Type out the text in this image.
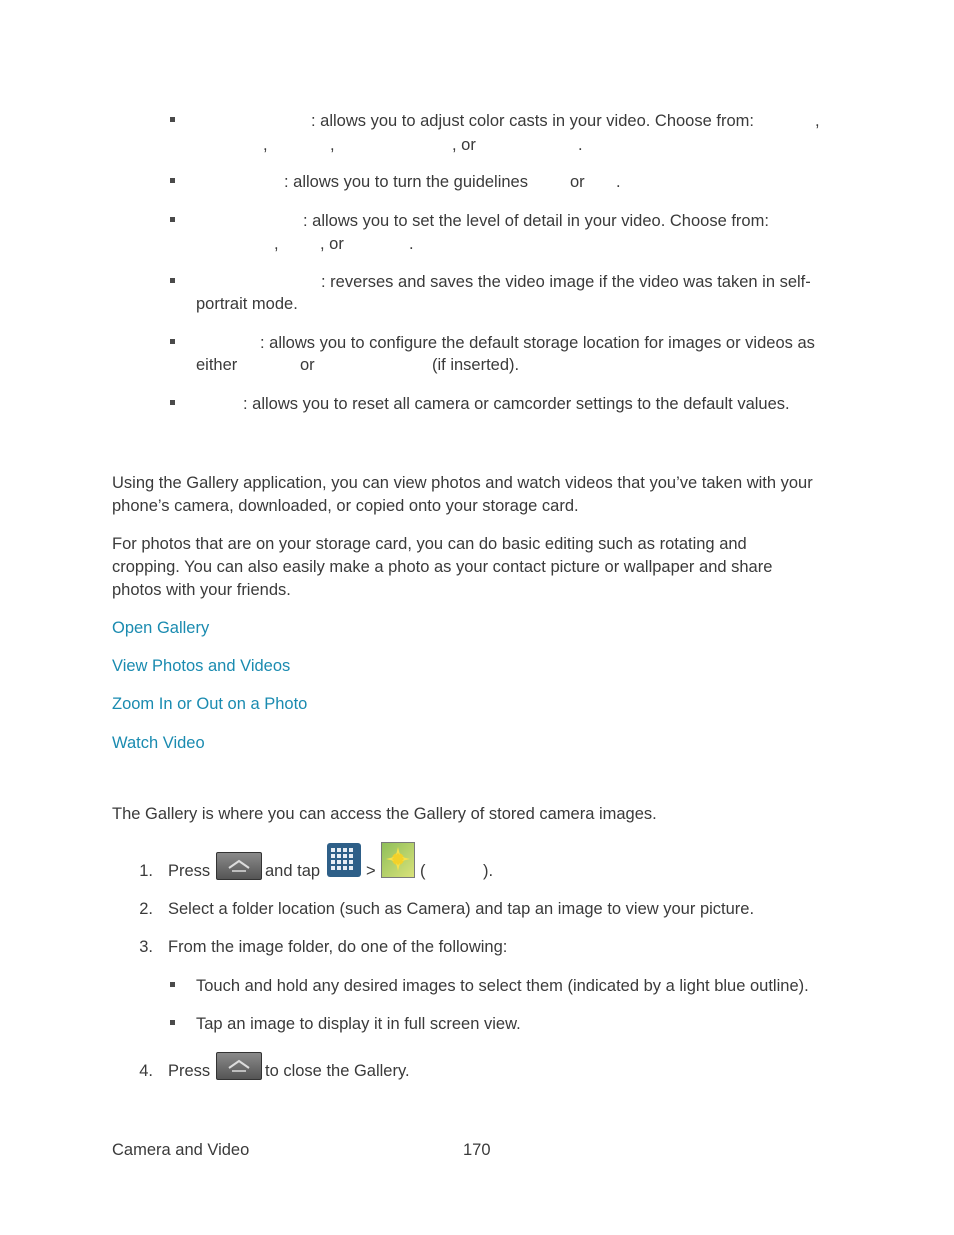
: allows you to adjust color casts in your video. Choose from:	,
,	,	, or	.
: allows you to turn the guidelines	or .
: allows you to set the level of detail in your video. Choose from:
,	, or	.
: reverses and saves the video image if the video was taken in self-
portrait mode.
: allows you to configure the default storage location for images or videos as
either	or	(if inserted).
: allows you to reset all camera or camcorder settings to the default values.
Using the Gallery application, you can view photos and watch videos that you’ve taken with your
phone’s camera, downloaded, or copied onto your storage card.
For photos that are on your storage card, you can do basic editing such as rotating and
cropping. You can also easily make a photo as your contact picture or wallpaper and share
photos with your friends.
Open Gallery
View Photos and Videos
Zoom In or Out on a Photo
Watch Video
The Gallery is where you can access the Gallery of stored camera images.
1. Press	and tap	>	(	).
2. Select a folder location (such as Camera) and tap an image to view your picture.
3. From the image folder, do one of the following:
Touch and hold any desired images to select them (indicated by a light blue outline).
Tap an image to display it in full screen view.
4. Press	to close the Gallery.
Camera and Video	170
